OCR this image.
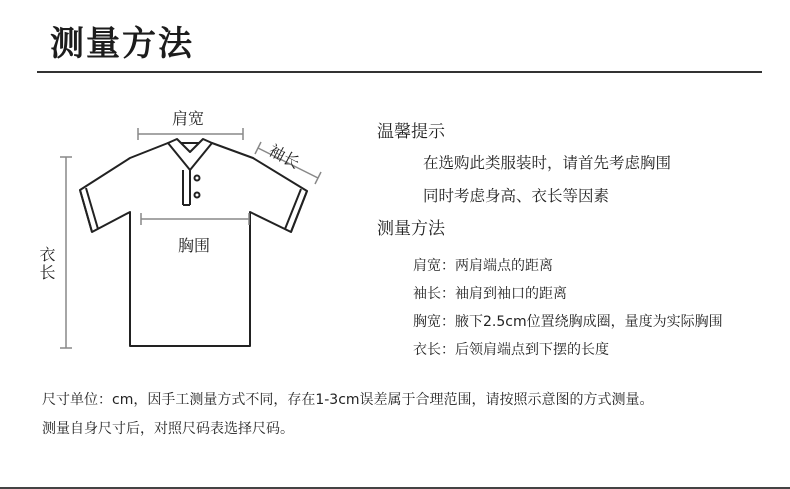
测量方法
肩宽
袖长
胸围
衣长
温馨提示
在选购此类服装时，请首先考虑胸围
同时考虑身高、衣长等因素
测量方法
肩宽：两肩端点的距离
袖长：袖肩到袖口的距离
胸宽：腋下2.5cm位置绕胸成圈，量度为实际胸围
衣长：后领肩端点到下摆的长度
尺寸单位：cm，因手工测量方式不同，存在1-3cm误差属于合理范围，请按照示意图的方式测量。
测量自身尺寸后，对照尺码表选择尺码。
